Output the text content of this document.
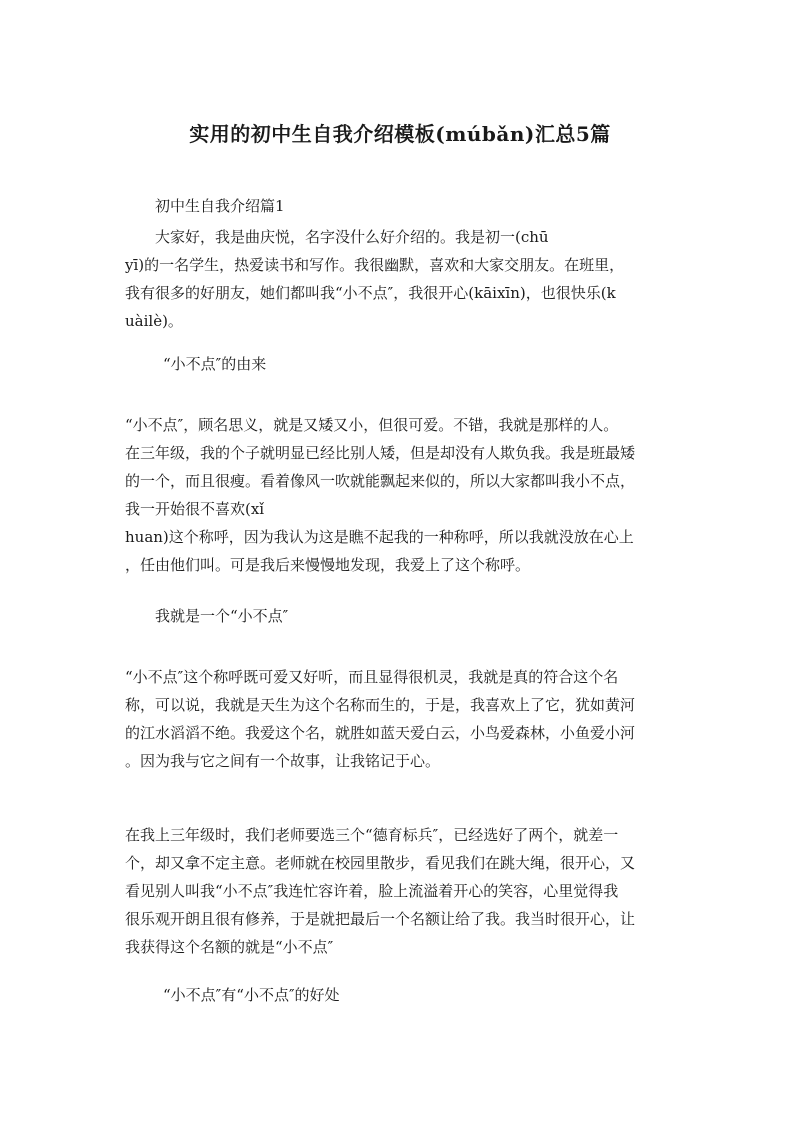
实用的初中生自我介绍模板(múbǎn)汇总5篇
初中生自我介绍篇1
大家好，我是曲庆悦，名字没什么好介绍的。我是初一(chū
yī)的一名学生，热爱读书和写作。我很幽默，喜欢和大家交朋友。在班里，
我有很多的好朋友，她们都叫我“小不点″，我很开心(kāixīn)，也很快乐(k
uàilè)。
“小不点″的由来
“小不点″，顾名思义，就是又矮又小，但很可爱。不错，我就是那样的人。
在三年级，我的个子就明显已经比别人矮，但是却没有人欺负我。我是班最矮
的一个，而且很瘦。看着像风一吹就能飘起来似的，所以大家都叫我小不点，
我一开始很不喜欢(xǐ
huan)这个称呼，因为我认为这是瞧不起我的一种称呼，所以我就没放在心上
，任由他们叫。可是我后来慢慢地发现，我爱上了这个称呼。
我就是一个“小不点″
“小不点″这个称呼既可爱又好听，而且显得很机灵，我就是真的符合这个名
称，可以说，我就是天生为这个名称而生的，于是，我喜欢上了它，犹如黄河
的江水滔滔不绝。我爱这个名，就胜如蓝天爱白云，小鸟爱森林，小鱼爱小河
。因为我与它之间有一个故事，让我铭记于心。
在我上三年级时，我们老师要选三个“德育标兵″，已经选好了两个，就差一
个，却又拿不定主意。老师就在校园里散步，看见我们在跳大绳，很开心，又
看见别人叫我“小不点″我连忙容许着，脸上流溢着开心的笑容，心里觉得我
很乐观开朗且很有修养，于是就把最后一个名额让给了我。我当时很开心，让
我获得这个名额的就是“小不点″
“小不点″有“小不点″的好处
